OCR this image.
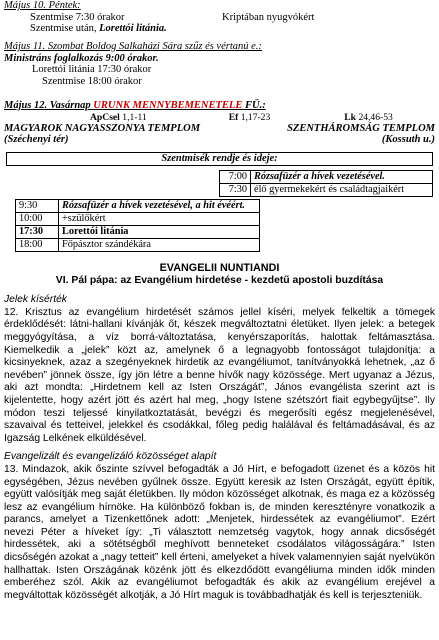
Május 10. Péntek:
Szentmise 7:30 órakor	Kriptában nyugvókért
Szentmise után, Lorettói litánia.
Május 11. Szombat Boldog Salkaházi Sára szűz és vértanú e.:
Ministráns foglalkozás 9:00 órakor.
Lorettói litánia 17:30 órakor
Szentmise 18:00 órakor
Május 12. Vasárnap URUNK MENNYBEMENETELE FÜ.:
ApCsel 1,1-11	Ef 1,17-23	Lk 24,46-53
MAGYAROK NAGYASSZONYA TEMPLOM	SZENTHÁROMSÁG TEMPLOM
(Széchenyi tér)	(Kossuth u.)
Szentmisék rendje és ideje:
7:00	Rózsafüzér a hívek vezetésével.
7:30	élő gyermekekért és családtagjaikért
9:30	Rózsafüzér a hívek vezetésével, a hit évéért.
10:00	+szülőkért
17:30	Lorettói litánia
18:00	Főpásztor szándékára
EVANGELII NUNTIANDI
VI. Pál pápa: az Evangélium hirdetése - kezdetű apostoli buzdítása
Jelek kísérték
12. Krisztus az evangélium hirdetését számos jellel kíséri, melyek felkeltik a tömegek érdeklődését: látni-hallani kívánják őt, készek megváltoztatni életüket. Ilyen jelek: a betegek meggyógyítása, a víz borrá-változtatása, kenyérszaporítás, halottak feltámasztása. Kiemelkedik a „jelek” közt az, amelynek ő a legnagyobb fontosságot tulajdonítja: a kicsinyeknek, azaz a szegényeknek hirdetik az evangéliumot, tanítványokká lehetnek, „az ő nevében” jönnek össze, így jön létre a benne hívők nagy közössége. Mert ugyanaz a Jézus, aki azt mondta: „Hirdetnem kell az Isten Országát”, János evangélista szerint azt is kijelentette, hogy azért jött és azért hal meg, „hogy Istene szétszórt fiait egybegyűjtse”. Ily módon teszi teljessé kinyilatkoztatását, bevégzi és megerősíti egész megjelenésével, szavaival és tetteivel, jelekkel és csodákkal, főleg pedig halálával és feltámadásával, és az Igazság Lelkének elküldésével.
Evangelizált és evangelizáló közösséget alapít
13. Mindazok, akik őszinte szívvel befogadták a Jó Hírt, e befogadott üzenet és a közös hit egységében, Jézus nevében gyűlnek össze. Együtt keresik az Isten Országát, együtt építik, együtt valósítják meg saját életükben. Ily módon közösséget alkotnak, és maga ez a közösség lesz az evangélium hírnöke. Ha különböző fokban is, de minden keresztényre vonatkozik a parancs, amelyet a Tizenkettőnek adott: „Menjetek, hirdessétek az evangéliumot”. Ezért nevezi Péter a híveket így: „Ti választott nemzetség vagytok, hogy annak dicsőségét hirdessétek, aki a sötétségből meghívott benneteket csodálatos világosságára.” Isten dicsőségén azokat a „nagy tetteit” kell érteni, amelyeket a hívek valamennyien saját nyelvükön hallhattak. Isten Országának közénk jött és elkezdődött evangéliuma minden idők minden emberéhez szól. Akik az evangéliumot befogadták és akik az evangélium erejével a megváltottak közösségét alkotják, a Jó Hírt maguk is továbbadhatják és kell is terjeszteniük.
